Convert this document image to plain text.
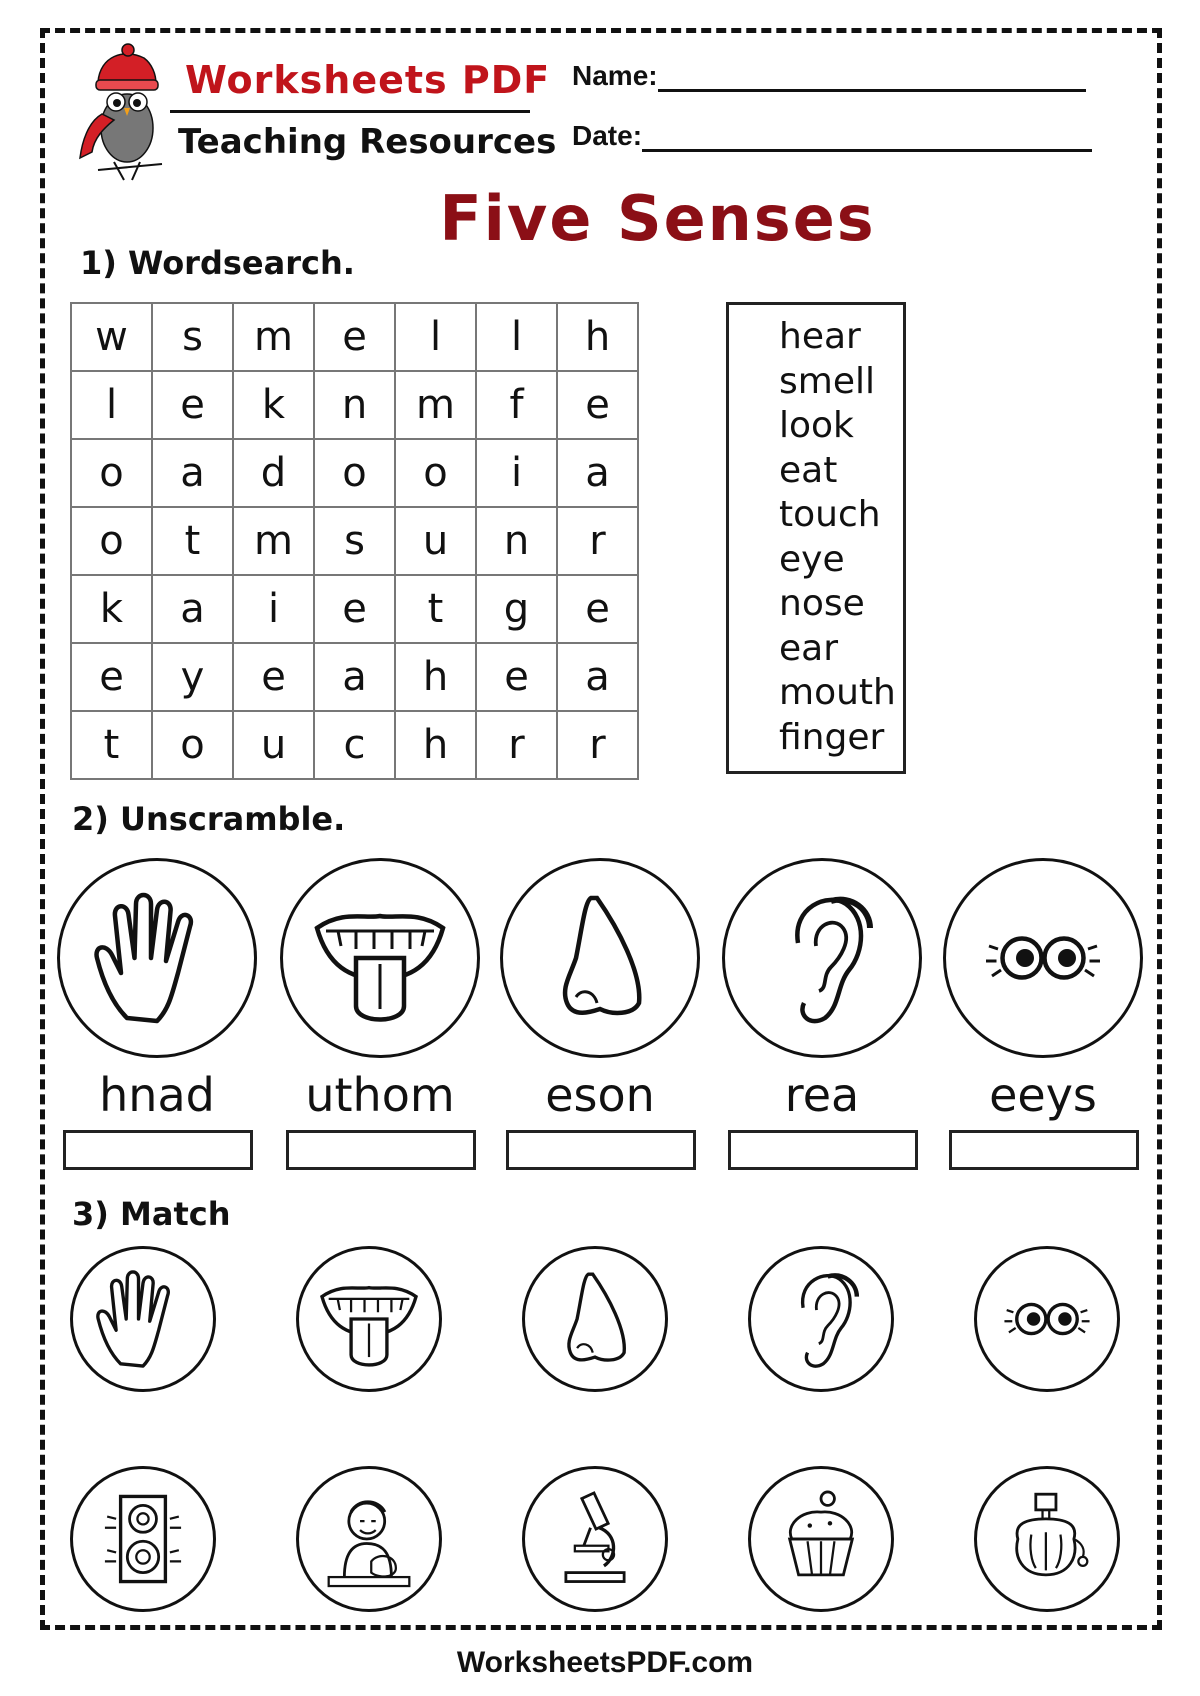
Worksheets PDF
Teaching Resources
Name:
Date:
Five Senses
1) Wordsearch.
w	s	m	e	l	l	h
l	e	k	n	m	f	e
o	a	d	o	o	i	a
o	t	m	s	u	n	r
k	a	i	e	t	g	e
e	y	e	a	h	e	a
t	o	u	c	h	r	r
hear
smell
look
eat
touch
eye
nose
ear
mouth
finger
2) Unscramble.
hnad	uthom	eson	rea	eeys
3) Match
WorksheetsPDF.com
